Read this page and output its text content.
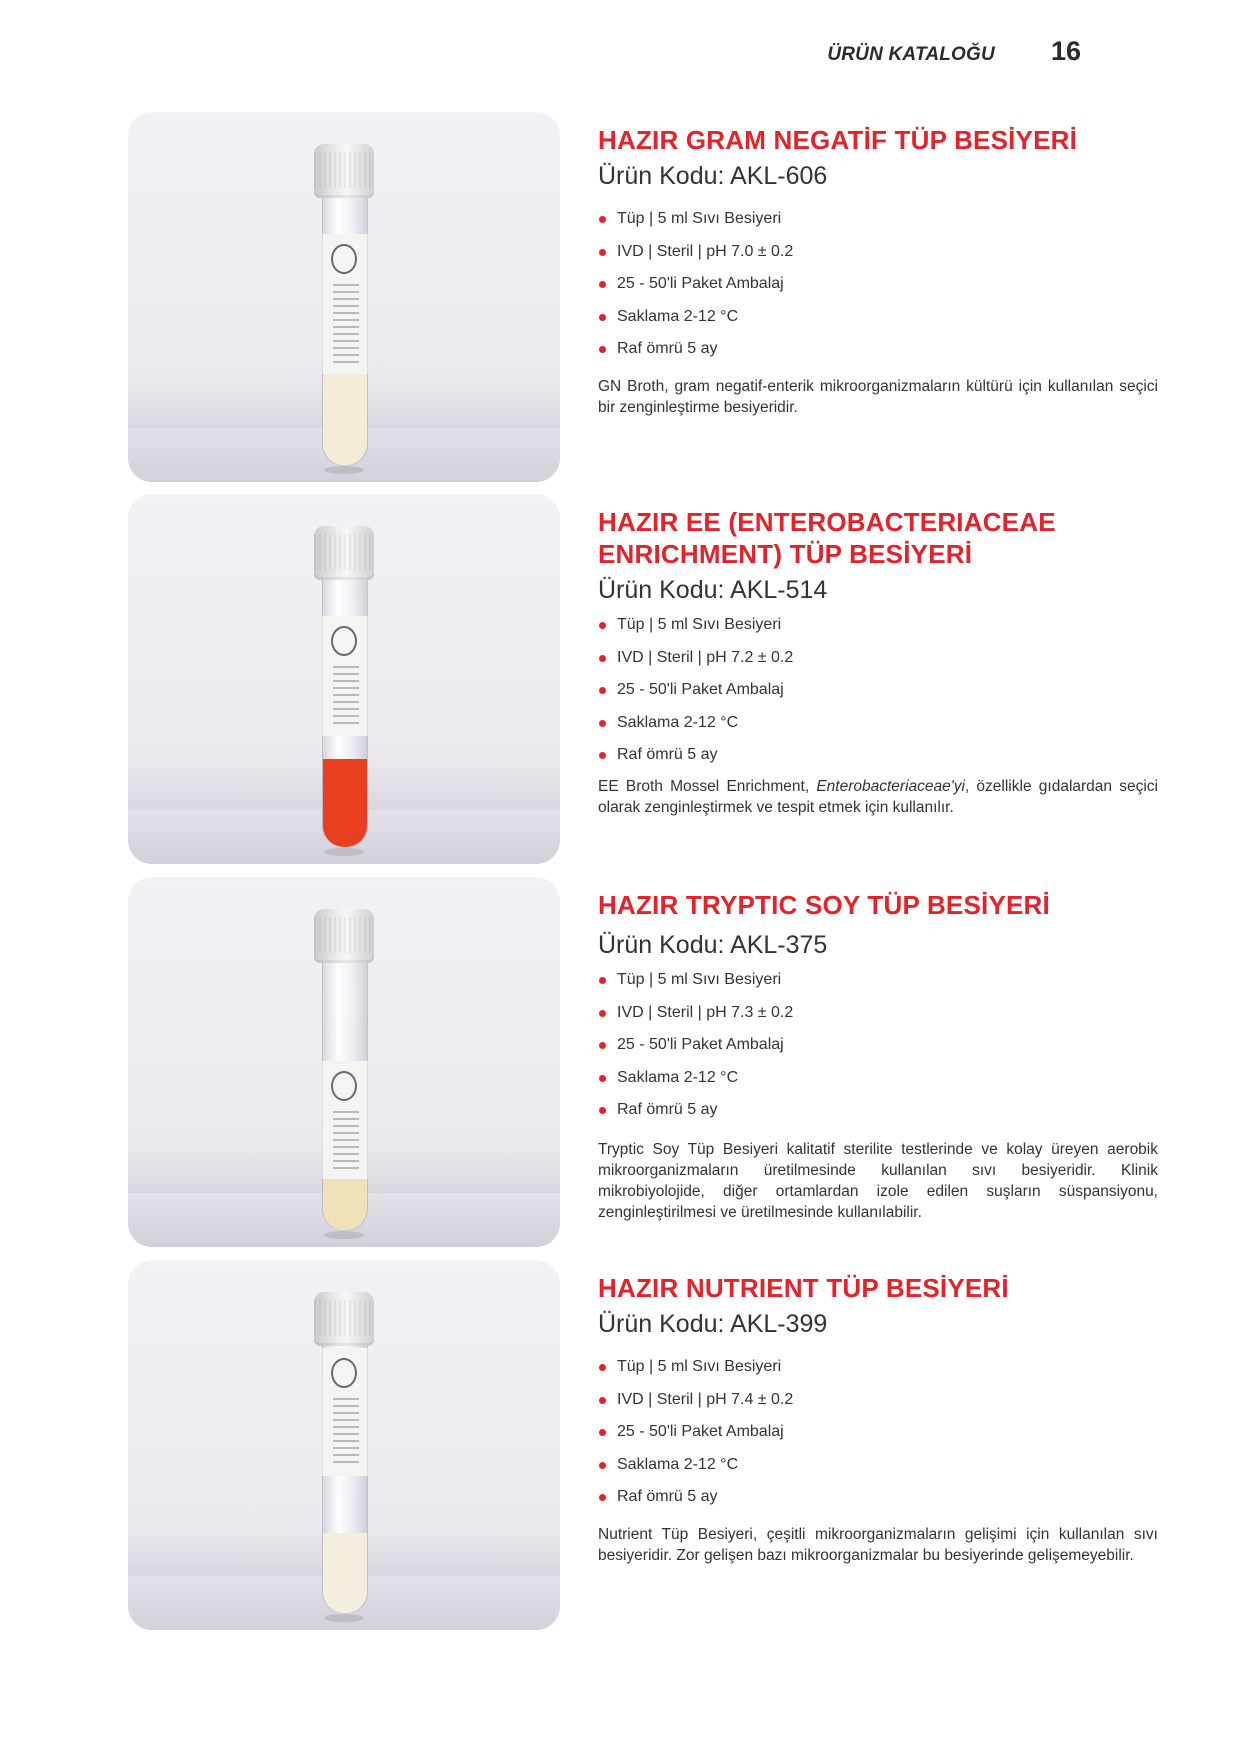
ÜRÜN KATALOĞU 16
HAZIR GRAM NEGATİF TÜP BESİYERİ
Ürün Kodu: AKL-606
Tüp | 5 ml Sıvı Besiyeri
IVD | Steril | pH 7.0 ± 0.2
25 - 50'li Paket Ambalaj
Saklama 2-12 °C
Raf ömrü 5 ay

GN Broth, gram negatif-enterik mikroorganizmaların kültürü için kullanılan seçici bir zenginleştirme besiyeridir.

HAZIR EE (ENTEROBACTERIACEAE ENRICHMENT) TÜP BESİYERİ
Ürün Kodu: AKL-514
Tüp | 5 ml Sıvı Besiyeri
IVD | Steril | pH 7.2 ± 0.2
25 - 50'li Paket Ambalaj
Saklama 2-12 °C
Raf ömrü 5 ay

EE Broth Mossel Enrichment, Enterobacteriaceae'yi, özellikle gıdalardan seçici olarak zenginleştirmek ve tespit etmek için kullanılır.

HAZIR TRYPTIC SOY TÜP BESİYERİ
Ürün Kodu: AKL-375
Tüp | 5 ml Sıvı Besiyeri
IVD | Steril | pH 7.3 ± 0.2
25 - 50'li Paket Ambalaj
Saklama 2-12 °C
Raf ömrü 5 ay

Tryptic Soy Tüp Besiyeri kalitatif sterilite testlerinde ve kolay üreyen aerobik mikroorganizmaların üretilmesinde kullanılan sıvı besiyeridir. Klinik mikrobiyolojide, diğer ortamlardan izole edilen suşların süspansiyonu, zenginleştirilmesi ve üretilmesinde kullanılabilir.

HAZIR NUTRIENT TÜP BESİYERİ
Ürün Kodu: AKL-399
Tüp | 5 ml Sıvı Besiyeri
IVD | Steril | pH 7.4 ± 0.2
25 - 50'li Paket Ambalaj
Saklama 2-12 °C
Raf ömrü 5 ay

Nutrient Tüp Besiyeri, çeşitli mikroorganizmaların gelişimi için kullanılan sıvı besiyeridir. Zor gelişen bazı mikroorganizmalar bu besiyerinde gelişemeyebilir.
